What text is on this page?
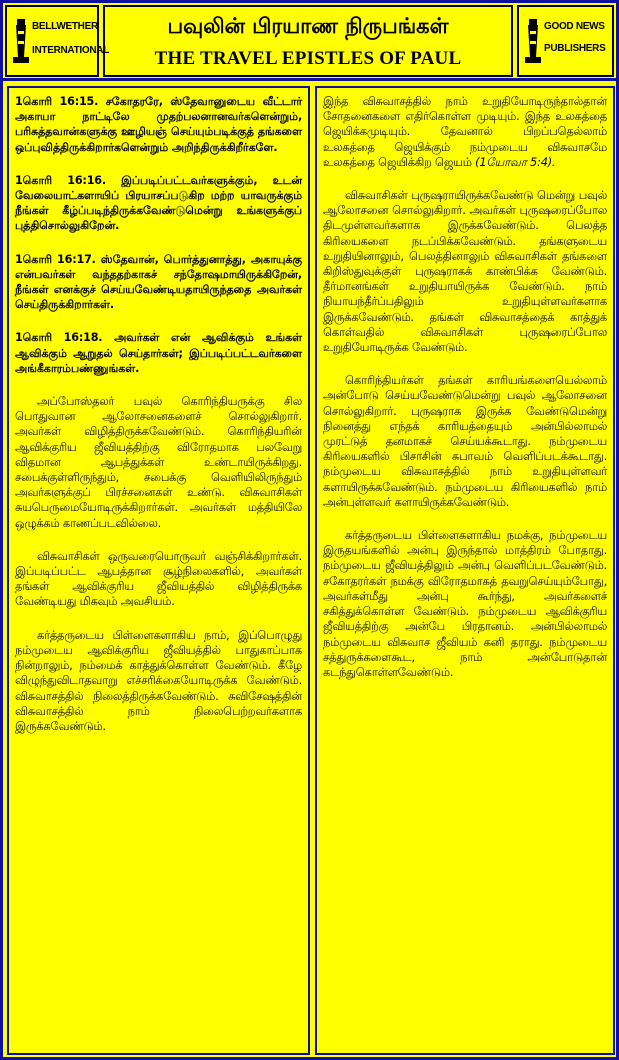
BELLWETHER
INTERNATIONAL
பவுலின் பிரயாண நிருபங்கள்
THE TRAVEL EPISTLES OF PAUL
GOOD NEWS
PUBLISHERS

1கொரி 16:15. சகோதரரே, ஸ்தேவானுடைய வீட்டார் அகாயா நாட்டிலே முதற்பலனானவர்களென்றும், பரிசுத்தவான்களுக்கு ஊழியஞ் செய்யும்படிக்குத் தங்களை ஒப்புவித்திருக்கிறார்களென்றும் அறிந்திருக்கிறீர்களே.

1கொரி 16:16. இப்படிப்பட்டவர்களுக்கும், உடன் வேலையாட்களாயிப் பிரயாசப்படுகிற மற்ற யாவருக்கும் நீங்கள் கீழ்ப்படிந்திருக்கவேண்டுமென்று உங்களுக்குப் புத்திசொல்லுகிறேன்.

1கொரி 16:17. ஸ்தேவான், பொர்த்துனாத்து, அகாயுக்கு என்பவர்கள் வந்ததற்காகச் சந்தோஷமாயிருக்கிறேன், நீங்கள் எனக்குச் செய்யவேண்டியதாயிருந்ததை அவர்கள் செய்திருக்கிறார்கள்.

1கொரி 16:18. அவர்கள் என் ஆவிக்கும் உங்கள் ஆவிக்கும் ஆறுதல் செய்தார்கள்; இப்படிப்பட்டவர்களை அங்கீகாரம்பண்ணுங்கள்.

அப்போஸ்தலர் பவுல் கொரிந்தியருக்கு சில பொதுவான ஆலோசனைகளைச் சொல்லுகிறார். அவர்கள் விழித்திருக்கவேண்டும். கொரிந்தியரின் ஆவிக்குரிய ஜீவியத்திற்கு விரோதமாக பலவேறு விதமான ஆபத்துக்கள் உண்டாயிருக்கிறது. சபைக்குள்ளிருந்தும், சபைக்கு வெளியிலிருந்தும் அவர்களுக்குப் பிரச்சனைகள் உண்டு. விசுவாசிகள் சுயபெருமையோடிருக்கிறார்கள். அவர்கள் மத்தியிலே ஒழுக்கம் காணப்படவில்லை.

விசுவாசிகள் ஒருவரையொருவர் வஞ்சிக்கிறார்கள். இப்படிப்பட்ட ஆபத்தான சூழ்நிலைகளில், அவர்கள் தங்கள் ஆவிக்குரிய ஜீவியத்தில் விழித்திருக்க வேண்டியது மிகவும் அவசியம்.

கர்த்தருடைய பிள்ளைகளாகிய நாம், இப்பொழுது நம்முடைய ஆவிக்குரிய ஜீவியத்தில் பாதுகாப்பாக நின்றாலும், நம்மைக் காத்துக்கொள்ள வேண்டும். கீழே விழுந்துவிடாதவாறு எச்சரிக்கையோடிருக்க வேண்டும். விசுவாசத்தில் நிலைத்திருக்கவேண்டும். சுவிசேஷத்தின் விசுவாசத்தில் நாம் நிலைபெற்றவர்களாக இருக்கவேண்டும்.

இந்த விசுவாசத்தில் நாம் உறுதியோடிருந்தால்தான் சோதனைகளை எதிர்கொள்ள முடியும். இந்த உலகத்தை ஜெயிக்கமுடியும். தேவனால் பிறப்பதெல்லாம் உலகத்தை ஜெயிக்கும் நம்முடைய விசுவாசமே உலகத்தை ஜெயிக்கிற ஜெயம் (1யோவா 5:4).

விசுவாசிகள் புருஷராயிருக்கவேண்டு மென்று பவுல் ஆலோசனை சொல்லுகிறார். அவர்கள் புருஷரைப்போல திடமுள்ளவர்களாக இருக்கவேண்டும். பெலத்த கிரியைகளை நடப்பிக்கவேண்டும். தங்களுடைய உறுதியினாலும், பெலத்தினாலும் விசுவாசிகள் தங்களை கிறிஸ்துவுக்குள் புருஷராகக் காண்பிக்க வேண்டும். தீர்மானங்கள் உறுதியாயிருக்க வேண்டும். நாம் நியாயந்தீர்ப்பதிலும் உறுதியுள்ளவர்களாக இருக்கவேண்டும். தங்கள் விசுவாசத்தைக் காத்துக் கொள்வதில் விசுவாசிகள் புருஷரைப்போல உறுதியோடிருக்க வேண்டும்.

கொரிந்தியர்கள் தங்கள் காரியங்களையெல்லாம் அன்போடு செய்யவேண்டுமென்று பவுல் ஆலோசனை சொல்லுகிறார். புருஷராக இருக்க வேண்டுமென்று நினைத்து எந்தக் காரியத்தையும் அன்பில்லாமல் முரட்டுத் தனமாகச் செய்யக்கூடாது. நம்முடைய கிரியைகளில் பிசாசின் சுபாவம் வெளிப்படக்கூடாது. நம்முடைய விசுவாசத்தில் நாம் உறுதியுள்ளவர் களாயிருக்கவேண்டும். நம்முடைய கிரியைகளில் நாம் அன்புள்ளவர் களாயிருக்கவேண்டும்.

கர்த்தருடைய பிள்ளைகளாகிய நமக்கு, நம்முடைய இருதயங்களில் அன்பு இருந்தால் மாத்திரம் போதாது. நம்முடைய ஜீவியத்திலும் அன்பு வெளிப்படவேண்டும். சகோதரர்கள் நமக்கு விரோதமாகத் தவறுசெய்யும்போது, அவர்கள்மீது அன்பு கூர்ந்து, அவர்களைச் சகித்துக்கொள்ள வேண்டும். நம்முடைய ஆவிக்குரிய ஜீவியத்திற்கு அன்பே பிரதானம். அன்பில்லாமல் நம்முடைய விசுவாச ஜீவியம் கனி தராது. நம்முடைய சத்துருக்களைகூட, நாம் அன்போடுதான் கடந்துகொள்ளவேண்டும்.
